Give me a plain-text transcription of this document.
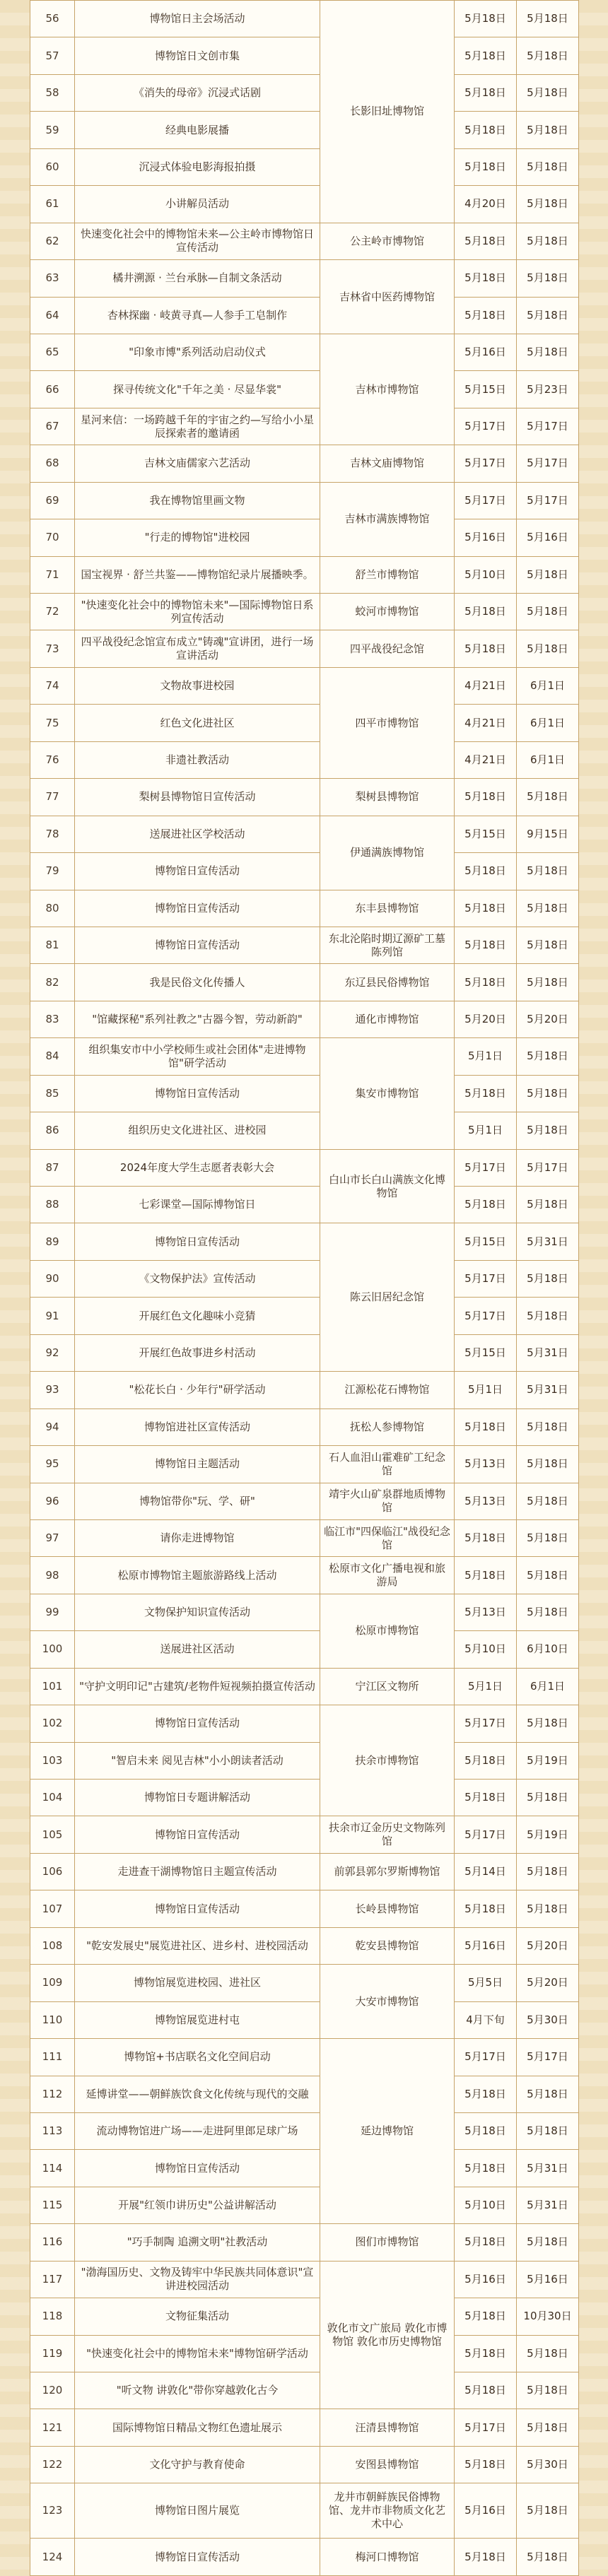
56	博物馆日主会场活动	长影旧址博物馆	5月18日	5月18日
57	博物馆日文创市集		5月18日	5月18日
58	《消失的母帝》沉浸式话剧		5月18日	5月18日
59	经典电影展播		5月18日	5月18日
60	沉浸式体验电影海报拍摄		5月18日	5月18日
61	小讲解员活动		4月20日	5月18日
62	快速变化社会中的博物馆未来—公主岭市博物馆日宣传活动	公主岭市博物馆	5月18日	5月18日
63	橘井溯源 · 兰台承脉—自制文条活动	吉林省中医药博物馆	5月18日	5月18日
64	杏林探幽 · 岐黄寻真—人参手工皂制作		5月18日	5月18日
65	"印象市博"系列活动启动仪式	吉林市博物馆	5月16日	5月18日
66	探寻传统文化"千年之美 · 尽显华裳"		5月15日	5月23日
67	星河来信：一场跨越千年的宇宙之约—写给小小星辰探索者的邀请函		5月17日	5月17日
68	吉林文庙儒家六艺活动	吉林文庙博物馆	5月17日	5月17日
69	我在博物馆里画文物	吉林市满族博物馆	5月17日	5月17日
70	"行走的博物馆"进校园		5月16日	5月16日
71	国宝视界 · 舒兰共鉴——博物馆纪录片展播映季。	舒兰市博物馆	5月10日	5月18日
72	"快速变化社会中的博物馆未来"—国际博物馆日系列宣传活动	蛟河市博物馆	5月18日	5月18日
73	四平战役纪念馆宣布成立"铸魂"宣讲团，进行一场宣讲活动	四平战役纪念馆	5月18日	5月18日
74	文物故事进校园	四平市博物馆	4月21日	6月1日
75	红色文化进社区		4月21日	6月1日
76	非遗社教活动		4月21日	6月1日
77	梨树县博物馆日宣传活动	梨树县博物馆	5月18日	5月18日
78	送展进社区学校活动	伊通满族博物馆	5月15日	9月15日
79	博物馆日宣传活动		5月18日	5月18日
80	博物馆日宣传活动	东丰县博物馆	5月18日	5月18日
81	博物馆日宣传活动	东北沦陷时期辽源矿工墓陈列馆	5月18日	5月18日
82	我是民俗文化传播人	东辽县民俗博物馆	5月18日	5月18日
83	"馆藏探秘"系列社教之"古器今智，劳动新韵"	通化市博物馆	5月20日	5月20日
84	组织集安市中小学校师生或社会团体"走进博物馆"研学活动	集安市博物馆	5月1日	5月18日
85	博物馆日宣传活动		5月18日	5月18日
86	组织历史文化进社区、进校园		5月1日	5月18日
87	2024年度大学生志愿者表彰大会	白山市长白山满族文化博物馆	5月17日	5月17日
88	七彩课堂—国际博物馆日		5月18日	5月18日
89	博物馆日宣传活动	陈云旧居纪念馆	5月15日	5月31日
90	《文物保护法》宣传活动		5月17日	5月18日
91	开展红色文化趣味小竞猜		5月17日	5月18日
92	开展红色故事进乡村活动		5月15日	5月31日
93	"松花长白 · 少年行"研学活动	江源松花石博物馆	5月1日	5月31日
94	博物馆进社区宣传活动	抚松人参博物馆	5月18日	5月18日
95	博物馆日主题活动	石人血泪山霍难矿工纪念馆	5月13日	5月18日
96	博物馆带你"玩、学、研"	靖宇火山矿泉群地质博物馆	5月13日	5月18日
97	请你走进博物馆	临江市"四保临江"战役纪念馆	5月18日	5月18日
98	松原市博物馆主题旅游路线上活动	松原市文化广播电视和旅游局	5月18日	5月18日
99	文物保护知识宣传活动	松原市博物馆	5月13日	5月18日
100	送展进社区活动		5月10日	6月10日
101	"守护文明印记"古建筑/老物件短视频拍摄宣传活动	宁江区文物所	5月1日	6月1日
102	博物馆日宣传活动	扶余市博物馆	5月17日	5月18日
103	"智启未来 阅见吉林"小小朗读者活动		5月18日	5月19日
104	博物馆日专题讲解活动		5月18日	5月18日
105	博物馆日宣传活动	扶余市辽金历史文物陈列馆	5月17日	5月19日
106	走进查干湖博物馆日主题宣传活动	前郭县郭尔罗斯博物馆	5月14日	5月18日
107	博物馆日宣传活动	长岭县博物馆	5月18日	5月18日
108	"乾安发展史"展览进社区、进乡村、进校园活动	乾安县博物馆	5月16日	5月20日
109	博物馆展览进校园、进社区	大安市博物馆	5月5日	5月20日
110	博物馆展览进村屯		4月下旬	5月30日
111	博物馆+书店联名文化空间启动	延边博物馆	5月17日	5月17日
112	延博讲堂——朝鲜族饮食文化传统与现代的交融		5月18日	5月18日
113	流动博物馆进广场——走进阿里郎足球广场		5月18日	5月18日
114	博物馆日宣传活动		5月18日	5月31日
115	开展"红领巾讲历史"公益讲解活动		5月10日	5月31日
116	"巧手制陶 追溯文明"社教活动	图们市博物馆	5月18日	5月18日
117	"渤海国历史、文物及铸牢中华民族共同体意识"宣讲进校园活动	敦化市文广旅局 敦化市博物馆 敦化市历史博物馆	5月16日	5月16日
118	文物征集活动		5月18日	10月30日
119	"快速变化社会中的博物馆未来"博物馆研学活动		5月18日	5月18日
120	"听文物 讲敦化"带你穿越敦化古今		5月18日	5月18日
121	国际博物馆日精品文物红色遗址展示	汪清县博物馆	5月17日	5月18日
122	文化守护与教育使命	安图县博物馆	5月18日	5月30日
123	博物馆日图片展览	龙井市朝鲜族民俗博物馆、龙井市非物质文化艺术中心	5月16日	5月18日
124	博物馆日宣传活动	梅河口博物馆	5月18日	5月18日
